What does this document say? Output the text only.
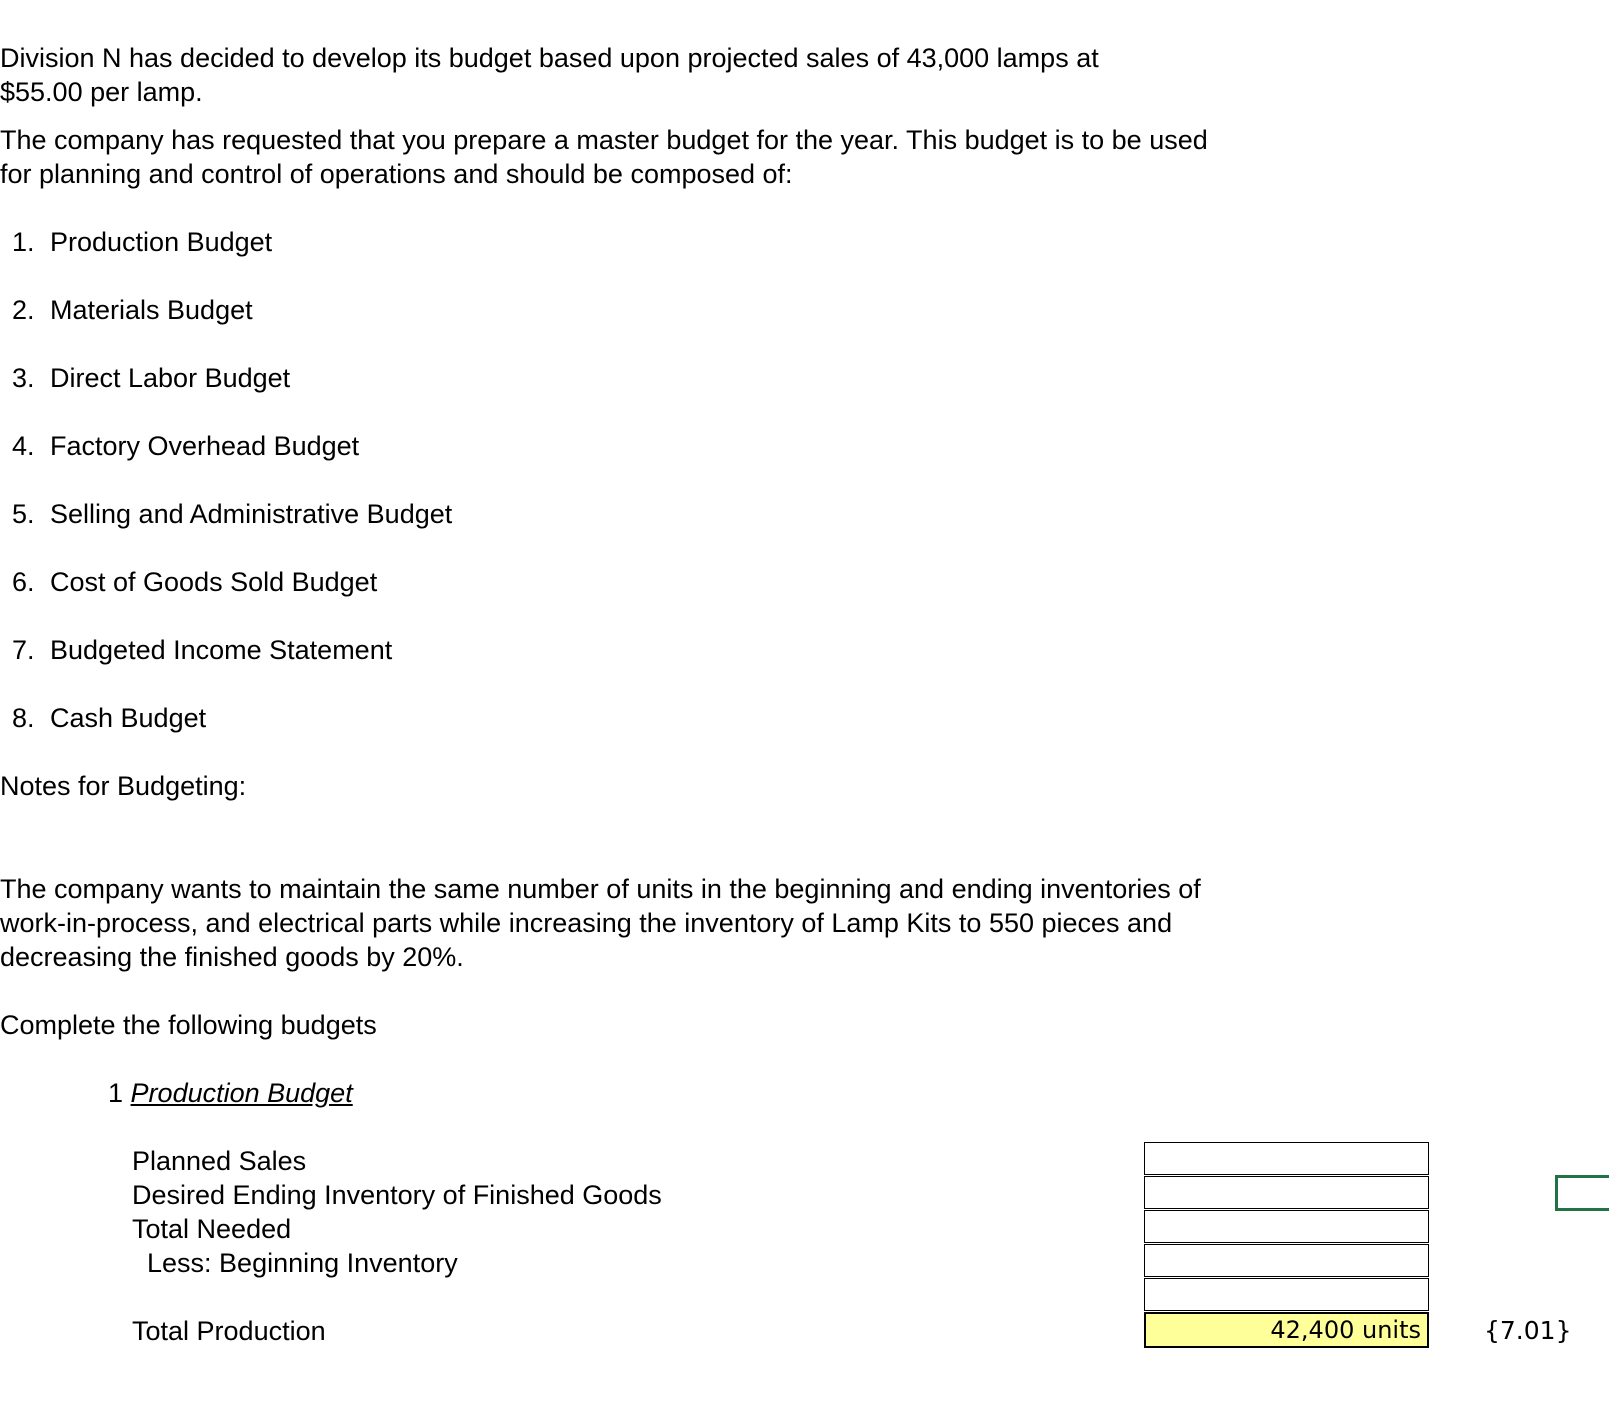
Division N has decided to develop its budget based upon projected sales of 43,000 lamps at
$55.00 per lamp.
The company has requested that you prepare a master budget for the year. This budget is to be used
for planning and control of operations and should be composed of:
1. Production Budget
2. Materials Budget
3. Direct Labor Budget
4. Factory Overhead Budget
5. Selling and Administrative Budget
6. Cost of Goods Sold Budget
7. Budgeted Income Statement
8. Cash Budget
Notes for Budgeting:
The company wants to maintain the same number of units in the beginning and ending inventories of
work-in-process, and electrical parts while increasing the inventory of Lamp Kits to 550 pieces and
decreasing the finished goods by 20%.
Complete the following budgets
1 Production Budget
Planned Sales
Desired Ending Inventory of Finished Goods
Total Needed
Less: Beginning Inventory
Total Production	42,400 units	{7.01}
